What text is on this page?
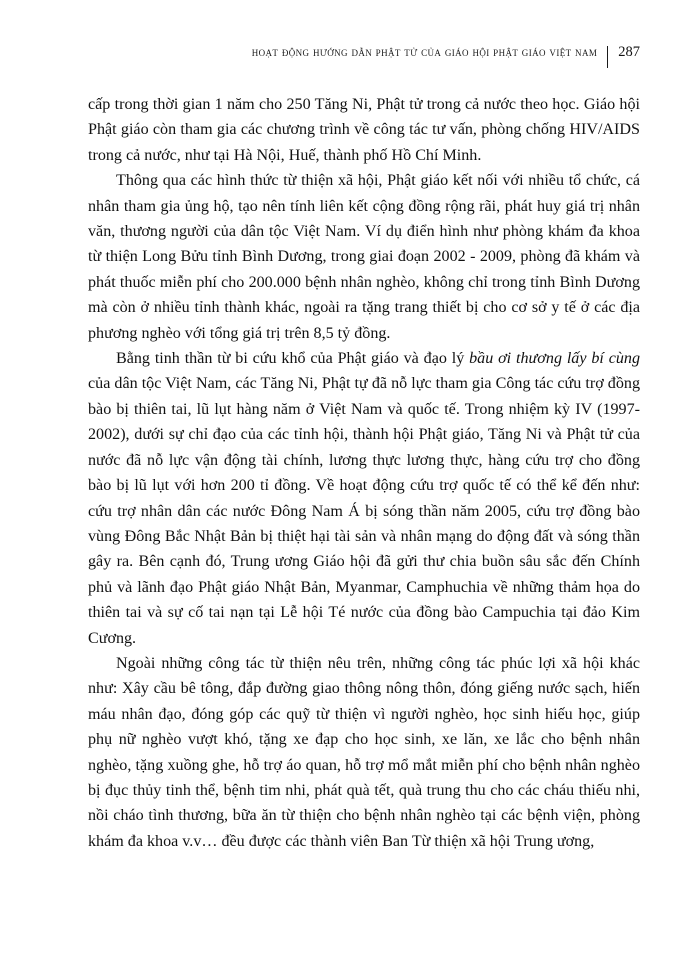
hoạt động hướng dẫn phật tử của giáo hội phật giáo việt nam 287

cấp trong thời gian 1 năm cho 250 Tăng Ni, Phật tử trong cả nước theo học. Giáo hội Phật giáo còn tham gia các chương trình về công tác tư vấn, phòng chống HIV/AIDS trong cả nước, như tại Hà Nội, Huế, thành phố Hồ Chí Minh.

Thông qua các hình thức từ thiện xã hội, Phật giáo kết nối với nhiều tổ chức, cá nhân tham gia ủng hộ, tạo nên tính liên kết cộng đồng rộng rãi, phát huy giá trị nhân văn, thương người của dân tộc Việt Nam. Ví dụ điển hình như phòng khám đa khoa từ thiện Long Bửu tỉnh Bình Dương, trong giai đoạn 2002 - 2009, phòng đã khám và phát thuốc miễn phí cho 200.000 bệnh nhân nghèo, không chỉ trong tỉnh Bình Dương mà còn ở nhiều tỉnh thành khác, ngoài ra tặng trang thiết bị cho cơ sở y tế ở các địa phương nghèo với tổng giá trị trên 8,5 tỷ đồng.

Bằng tinh thần từ bi cứu khổ của Phật giáo và đạo lý bầu ơi thương lấy bí cùng của dân tộc Việt Nam, các Tăng Ni, Phật tự đã nỗ lực tham gia Công tác cứu trợ đồng bào bị thiên tai, lũ lụt hàng năm ở Việt Nam và quốc tế. Trong nhiệm kỳ IV (1997-2002), dưới sự chỉ đạo của các tỉnh hội, thành hội Phật giáo, Tăng Ni và Phật tử của nước đã nỗ lực vận động tài chính, lương thực lương thực, hàng cứu trợ cho đồng bào bị lũ lụt với hơn 200 tỉ đồng. Về hoạt động cứu trợ quốc tế có thể kể đến như: cứu trợ nhân dân các nước Đông Nam Á bị sóng thần năm 2005, cứu trợ đồng bào vùng Đông Bắc Nhật Bản bị thiệt hại tài sản và nhân mạng do động đất và sóng thần gây ra. Bên cạnh đó, Trung ương Giáo hội đã gửi thư chia buồn sâu sắc đến Chính phủ và lãnh đạo Phật giáo Nhật Bản, Myanmar, Camphuchia về những thảm họa do thiên tai và sự cố tai nạn tại Lễ hội Té nước của đồng bào Campuchia tại đảo Kim Cương.

Ngoài những công tác từ thiện nêu trên, những công tác phúc lợi xã hội khác như: Xây cầu bê tông, đắp đường giao thông nông thôn, đóng giếng nước sạch, hiến máu nhân đạo, đóng góp các quỹ từ thiện vì người nghèo, học sinh hiếu học, giúp phụ nữ nghèo vượt khó, tặng xe đạp cho học sinh, xe lăn, xe lắc cho bệnh nhân nghèo, tặng xuồng ghe, hỗ trợ áo quan, hỗ trợ mổ mắt miễn phí cho bệnh nhân nghèo bị đục thủy tinh thể, bệnh tim nhi, phát quà tết, quà trung thu cho các cháu thiếu nhi, nồi cháo tình thương, bữa ăn từ thiện cho bệnh nhân nghèo tại các bệnh viện, phòng khám đa khoa v.v… đều được các thành viên Ban Từ thiện xã hội Trung ương,
